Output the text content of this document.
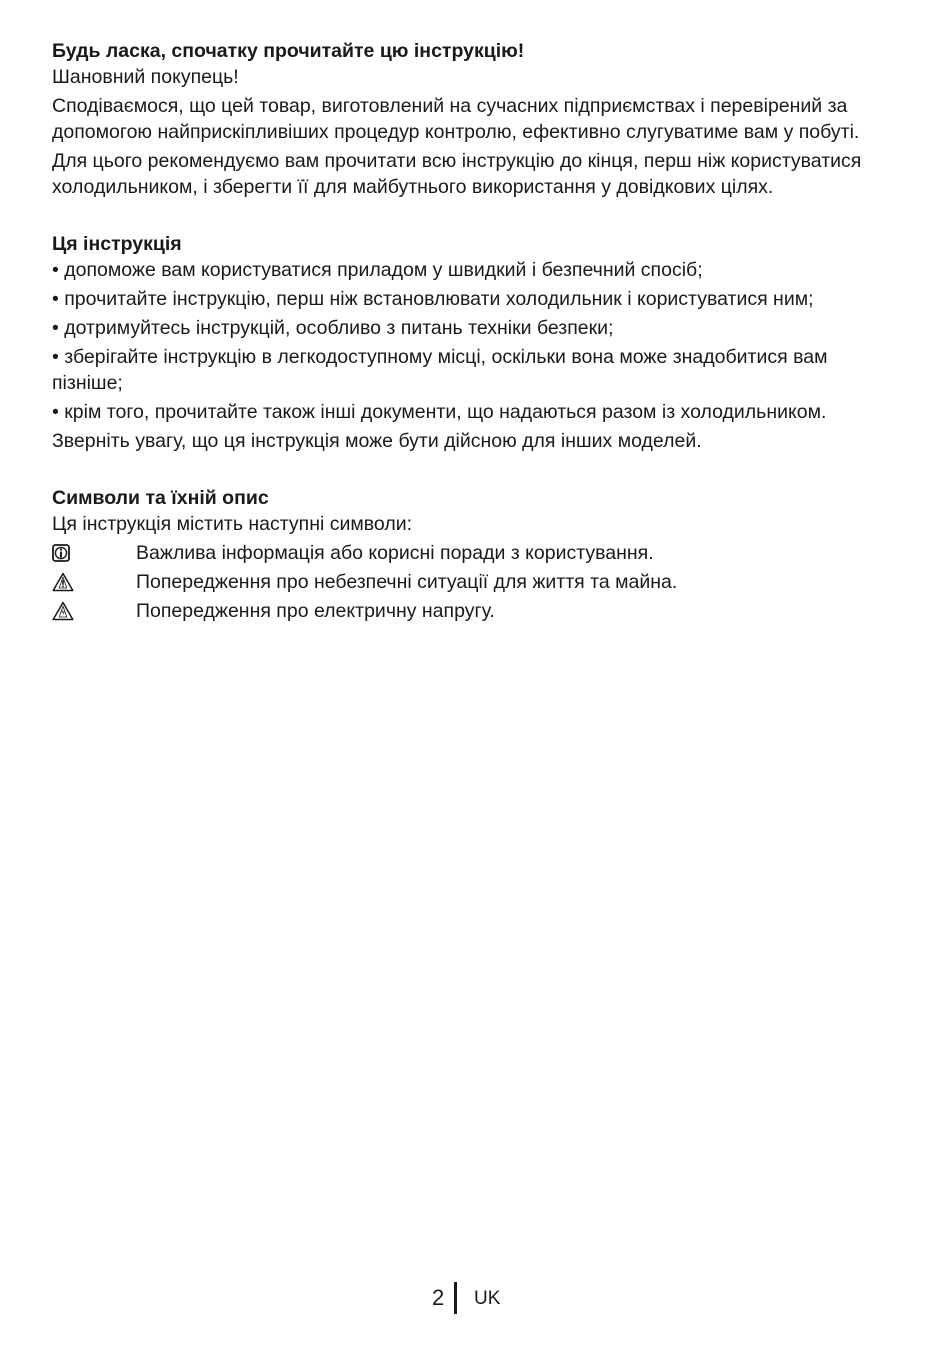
Будь ласка, спочатку прочитайте цю інструкцію!

Шановний покупець!

Сподіваємося, що цей товар, виготовлений на сучасних підприємствах і перевірений за допомогою найприскіпливіших процедур контролю, ефективно слугуватиме вам у побуті.

Для цього рекомендуємо вам прочитати всю інструкцію до кінця, перш ніж користуватися холодильником, і зберегти її для майбутнього використання у довідкових цілях.

Ця інструкція

• допоможе вам користуватися приладом у швидкий і безпечний спосіб;

• прочитайте інструкцію, перш ніж встановлювати холодильник і користуватися ним;

• дотримуйтесь інструкцій, особливо з питань техніки безпеки;

• зберігайте інструкцію в легкодоступному місці, оскільки вона може знадобитися вам пізніше;

• крім того, прочитайте також інші документи, що надаються разом із холодильником.

Зверніть увагу, що ця інструкція може бути дійсною для інших моделей.

Символи та їхній опис

Ця інструкція містить наступні символи:

Важлива інформація або корисні поради з користування.
Попередження про небезпечні ситуації для життя та майна.
Попередження про електричну напругу.
2 UK
